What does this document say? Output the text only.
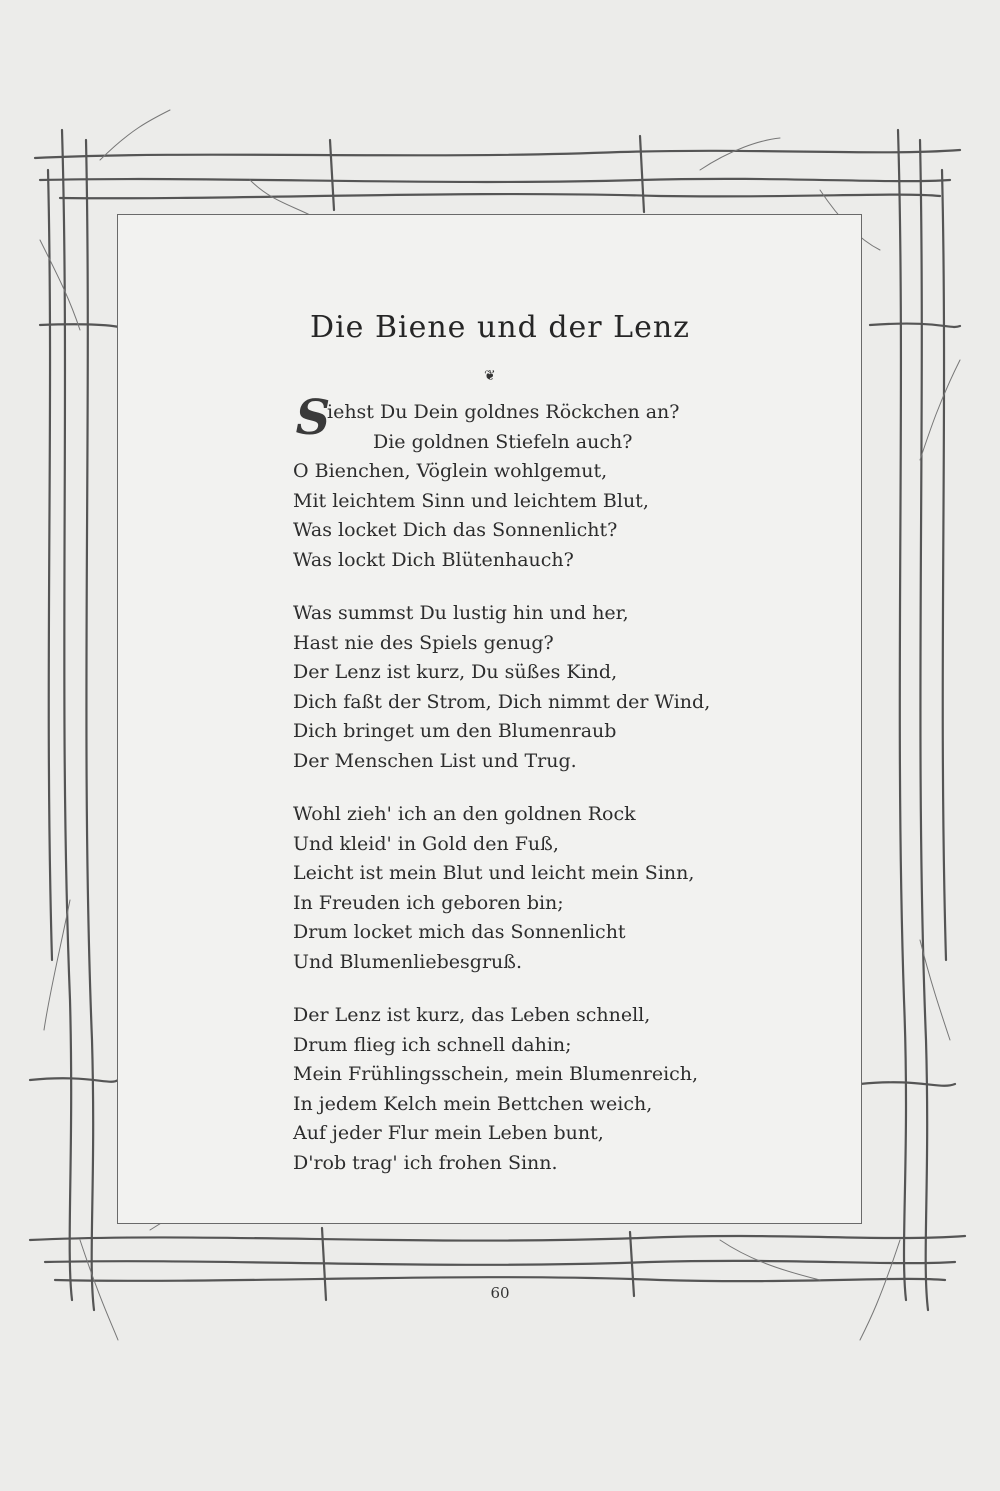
Die Biene und der Lenz
❦
S
iehst Du Dein goldnes Röckchen an?
Die goldnen Stiefeln auch?
O Bienchen, Vöglein wohlgemut,
Mit leichtem Sinn und leichtem Blut,
Was locket Dich das Sonnenlicht?
Was lockt Dich Blütenhauch?
Was summst Du lustig hin und her,
Hast nie des Spiels genug?
Der Lenz ist kurz, Du süßes Kind,
Dich faßt der Strom, Dich nimmt der Wind,
Dich bringet um den Blumenraub
Der Menschen List und Trug.
Wohl zieh' ich an den goldnen Rock
Und kleid' in Gold den Fuß,
Leicht ist mein Blut und leicht mein Sinn,
In Freuden ich geboren bin;
Drum locket mich das Sonnenlicht
Und Blumenliebesgruß.
Der Lenz ist kurz, das Leben schnell,
Drum flieg ich schnell dahin;
Mein Frühlingsschein, mein Blumenreich,
In jedem Kelch mein Bettchen weich,
Auf jeder Flur mein Leben bunt,
D'rob trag' ich frohen Sinn.
60
